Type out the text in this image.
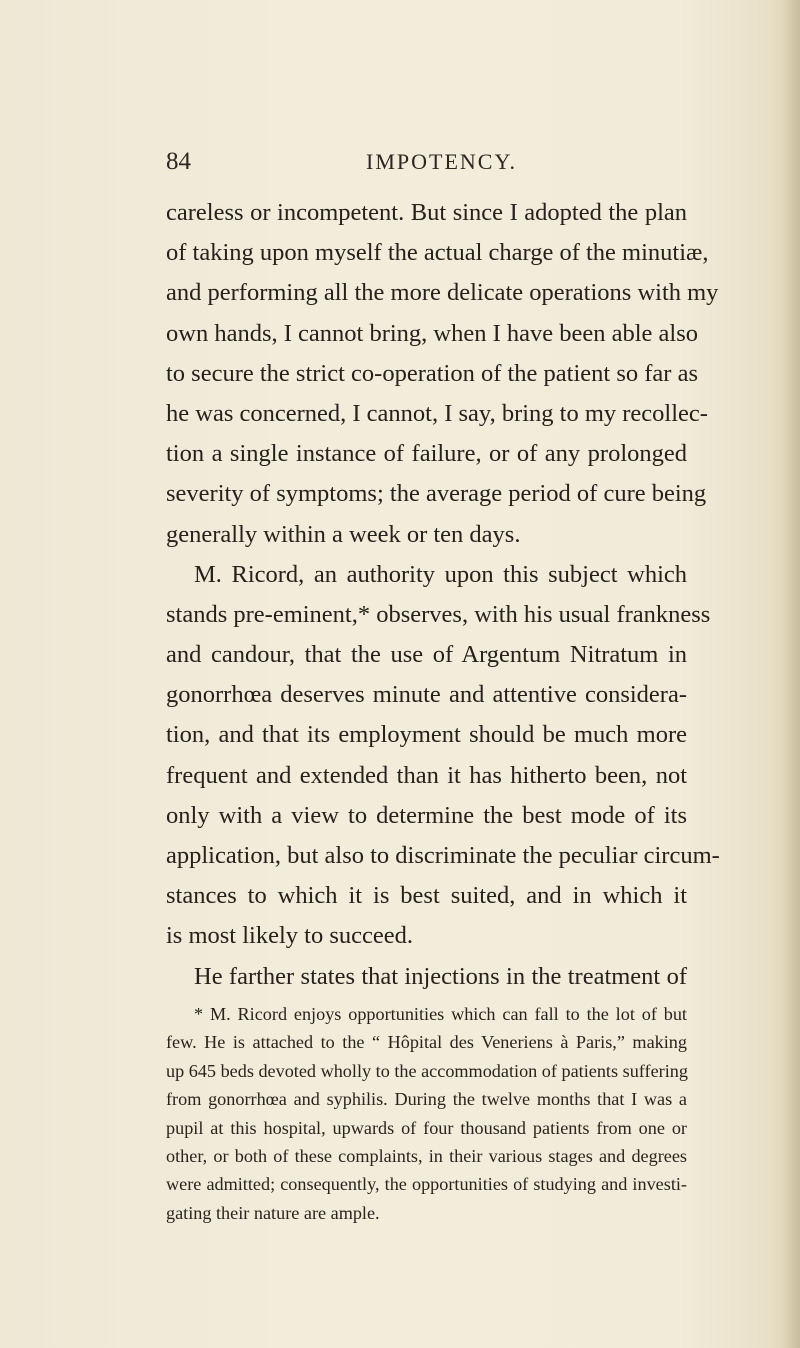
84	IMPOTENCY.
careless or incompetent. But since I adopted the plan
of taking upon myself the actual charge of the minutiæ,
and performing all the more delicate operations with my
own hands, I cannot bring, when I have been able also
to secure the strict co-operation of the patient so far as
he was concerned, I cannot, I say, bring to my recollec-
tion a single instance of failure, or of any prolonged
severity of symptoms; the average period of cure being
generally within a week or ten days.
M. Ricord, an authority upon this subject which
stands pre-eminent,* observes, with his usual frankness
and candour, that the use of Argentum Nitratum in
gonorrhœa deserves minute and attentive considera-
tion, and that its employment should be much more
frequent and extended than it has hitherto been, not
only with a view to determine the best mode of its
application, but also to discriminate the peculiar circum-
stances to which it is best suited, and in which it
is most likely to succeed.
He farther states that injections in the treatment of
* M. Ricord enjoys opportunities which can fall to the lot of but
few. He is attached to the “ Hôpital des Veneriens à Paris,” making
up 645 beds devoted wholly to the accommodation of patients suffering
from gonorrhœa and syphilis. During the twelve months that I was a
pupil at this hospital, upwards of four thousand patients from one or
other, or both of these complaints, in their various stages and degrees
were admitted; consequently, the opportunities of studying and investi-
gating their nature are ample.
